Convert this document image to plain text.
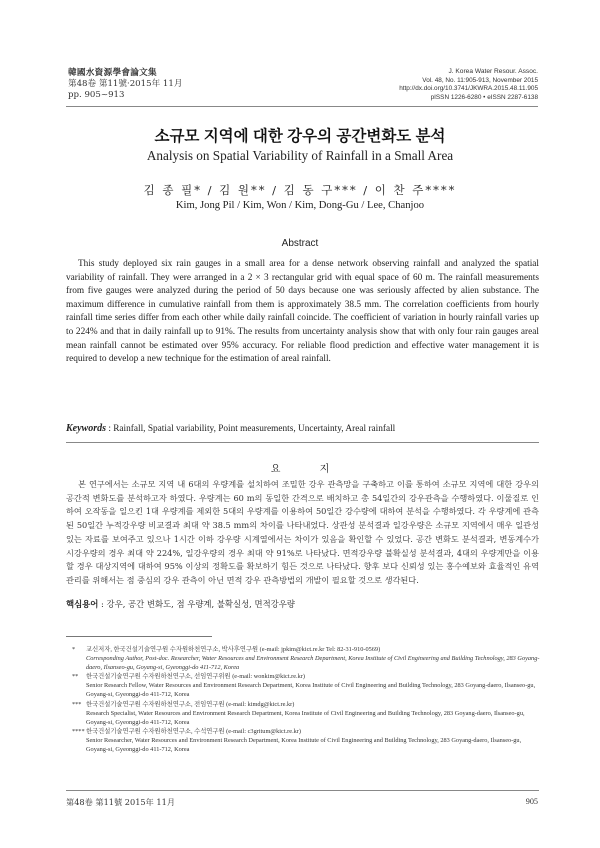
韓國水資源學會論文集
第48卷 第11號·2015年 11月
pp. 905~913
J. Korea Water Resour. Assoc.
Vol. 48, No. 11:905-913, November 2015
http://dx.doi.org/10.3741/JKWRA.2015.48.11.905
pISSN 1226-6280 • eISSN 2287-6138
소규모 지역에 대한 강우의 공간변화도 분석
Analysis on Spatial Variability of Rainfall in a Small Area
김 종 필* / 김 원** / 김 동 구*** / 이 찬 주****
Kim, Jong Pil / Kim, Won / Kim, Dong-Gu / Lee, Chanjoo
Abstract
This study deployed six rain gauges in a small area for a dense network observing rainfall and analyzed the spatial variability of rainfall. They were arranged in a 2 × 3 rectangular grid with equal space of 60 m. The rainfall measurements from five gauges were analyzed during the period of 50 days because one was seriously affected by alien substance. The maximum difference in cumulative rainfall from them is approximately 38.5 mm. The correlation coefficients from hourly rainfall time series differ from each other while daily rainfall coincide. The coefficient of variation in hourly rainfall varies up to 224% and that in daily rainfall up to 91%. The results from uncertainty analysis show that with only four rain gauges areal mean rainfall cannot be estimated over 95% accuracy. For reliable flood prediction and effective water management it is required to develop a new technique for the estimation of areal rainfall.
Keywords : Rainfall, Spatial variability, Point measurements, Uncertainty, Areal rainfall
요 지
본 연구에서는 소규모 지역 내 6대의 우량계를 설치하여 조밀한 강우 관측망을 구축하고 이를 통하여 소규모 지역에 대한 강우의 공간적 변화도를 분석하고자 하였다. 우량계는 60 m의 동일한 간격으로 배치하고 총 54일간의 강우관측을 수행하였다. 이물질로 인하여 오작동을 일으킨 1대 우량계를 제외한 5대의 우량계를 이용하여 50일간 강수량에 대하여 분석을 수행하였다. 각 우량계에 관측된 50일간 누적강우량 비교결과 최대 약 38.5 mm의 차이를 나타내었다. 상관성 분석결과 일강우량은 소규모 지역에서 매우 일관성 있는 자료를 보여주고 있으나 1시간 이하 강우량 시계열에서는 차이가 있음을 확인할 수 있었다. 공간 변화도 분석결과, 변동계수가 시강우량의 경우 최대 약 224%, 일강우량의 경우 최대 약 91%로 나타났다. 면적강우량 불확실성 분석결과, 4대의 우량계만을 이용할 경우 대상지역에 대하여 95% 이상의 정확도를 확보하기 힘든 것으로 나타났다. 향후 보다 신뢰성 있는 홍수예보와 효율적인 유역관리를 위해서는 점 중심의 강우 관측이 아닌 면적 강우 관측방법의 개발이 필요할 것으로 생각된다.
핵심용어 : 강우, 공간 변화도, 점 우량계, 불확실성, 면적강우량
* 교신저자, 한국건설기술연구원 수자원하천연구소, 박사후연구원 (e-mail: jpkim@kict.re.kr Tel: 82-31-910-0569)
Corresponding Author, Post-doc. Researcher, Water Resources and Environment Research Department, Korea Institute of Civil Engineering and Building Technology, 283 Goyang-daero, Ilsanseo-gu, Goyang-si, Gyeonggi-do 411-712, Korea
** 한국건설기술연구원 수자원하천연구소, 선임연구위원 (e-mail: wonkim@kict.re.kr)
Senior Research Fellow, Water Resources and Environment Research Department, Korea Institute of Civil Engineering and Building Technology, 283 Goyang-daero, Ilsanseo-gu, Goyang-si, Gyeonggi-do 411-712, Korea
*** 한국건설기술연구원 수자원하천연구소, 전임연구원 (e-mail: kimdg@kict.re.kr)
Research Specialist, Water Resources and Environment Research Department, Korea Institute of Civil Engineering and Building Technology, 283 Goyang-daero, Ilsanseo-gu, Goyang-si, Gyeonggi-do 411-712, Korea
**** 한국건설기술연구원 수자원하천연구소, 수석연구원 (e-mail: c3gritum@kict.re.kr)
Senior Researcher, Water Resources and Environment Research Department, Korea Institute of Civil Engineering and Building Technology, 283 Goyang-daero, Ilsanseo-gu, Goyang-si, Gyeonggi-do 411-712, Korea
第48卷 第11號 2015年 11月	905
